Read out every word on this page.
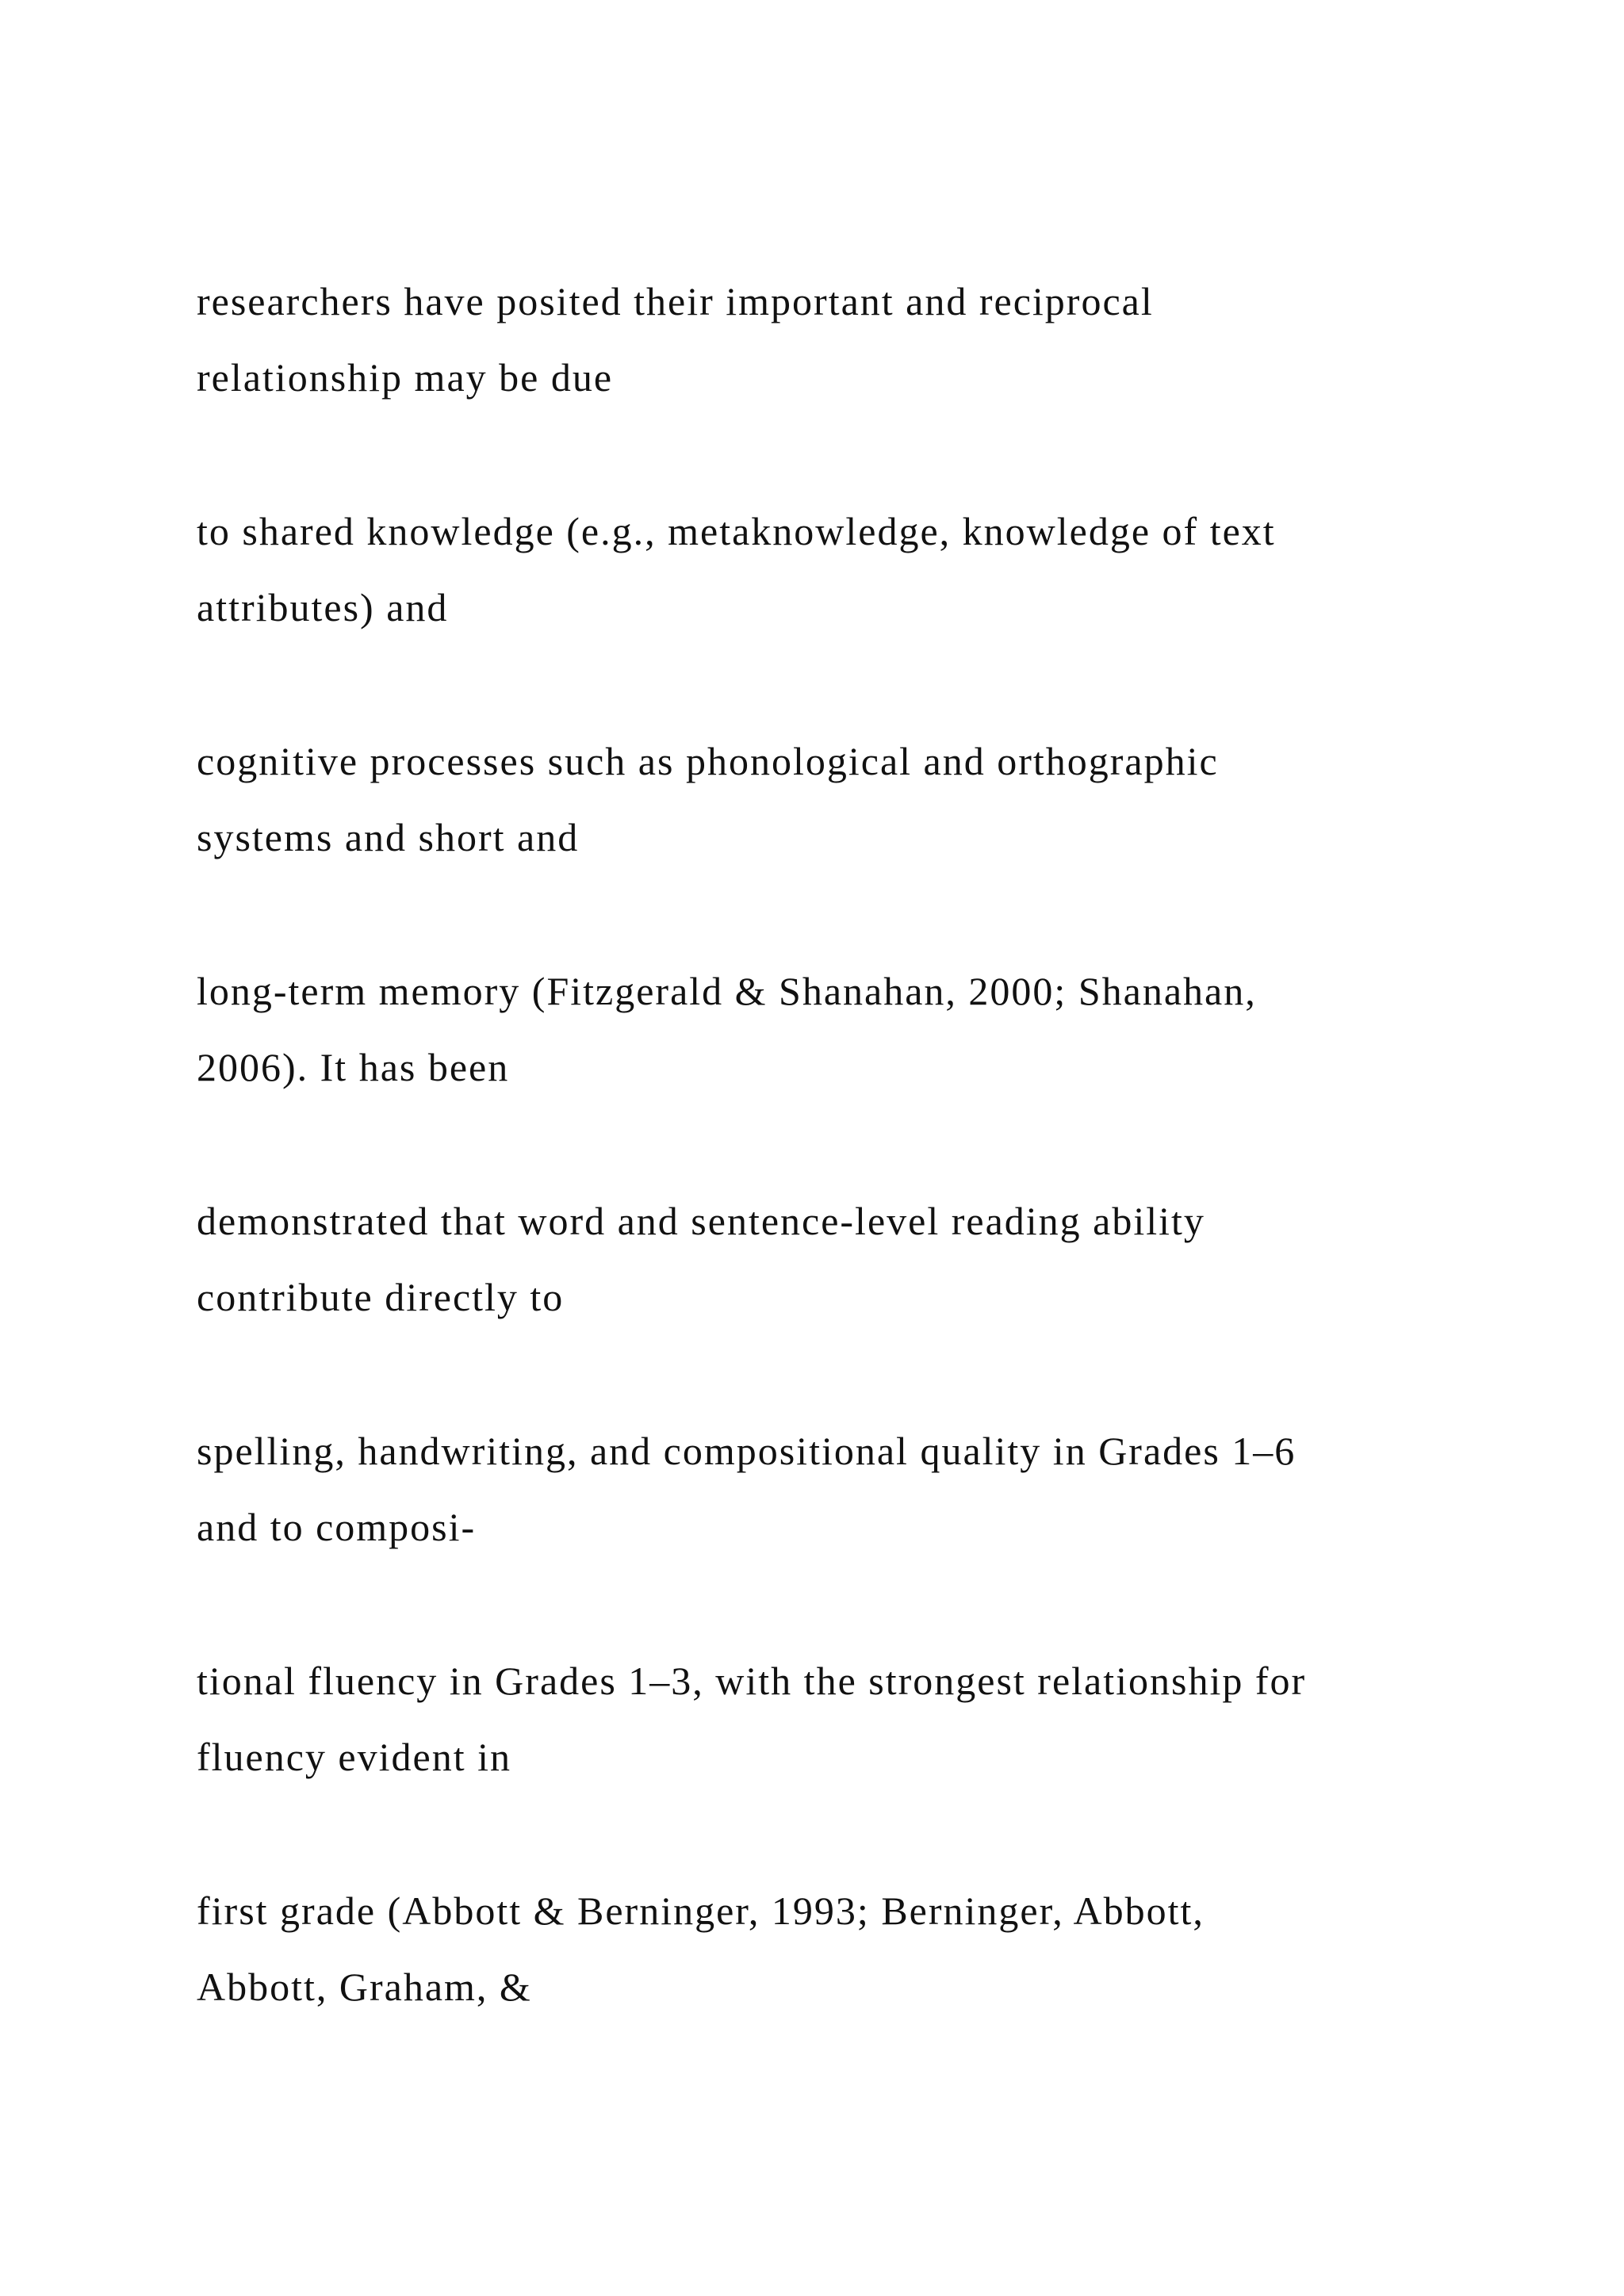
researchers have posited their important and reciprocal
relationship may be due
to shared knowledge (e.g., metaknowledge, knowledge of text
attributes) and
cognitive processes such as phonological and orthographic
systems and short and
long-term memory (Fitzgerald & Shanahan, 2000; Shanahan,
2006). It has been
demonstrated that word and sentence-level reading ability
contribute directly to
spelling, handwriting, and compositional quality in Grades 1–6
and to composi-
tional fluency in Grades 1–3, with the strongest relationship for
fluency evident in
first grade (Abbott & Berninger, 1993; Berninger, Abbott,
Abbott, Graham, &
